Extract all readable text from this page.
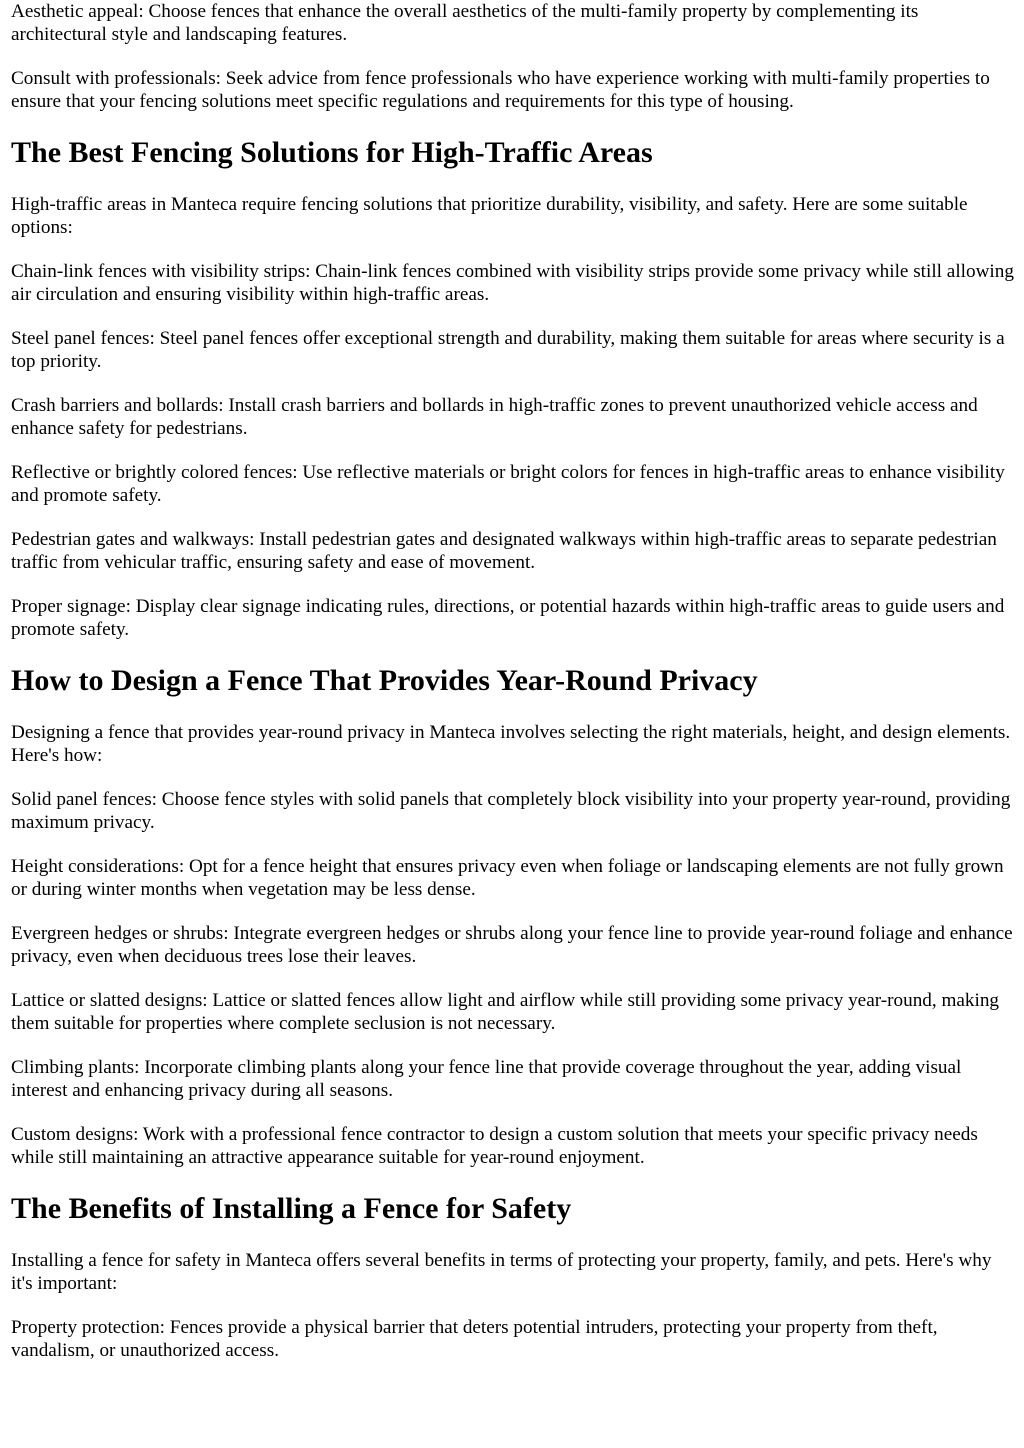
Aesthetic appeal: Choose fences that enhance the overall aesthetics of the multi-family property by complementing its architectural style and landscaping features.

Consult with professionals: Seek advice from fence professionals who have experience working with multi-family properties to ensure that your fencing solutions meet specific regulations and requirements for this type of housing.

The Best Fencing Solutions for High-Traffic Areas

High-traffic areas in Manteca require fencing solutions that prioritize durability, visibility, and safety. Here are some suitable options:

Chain-link fences with visibility strips: Chain-link fences combined with visibility strips provide some privacy while still allowing air circulation and ensuring visibility within high-traffic areas.

Steel panel fences: Steel panel fences offer exceptional strength and durability, making them suitable for areas where security is a top priority.

Crash barriers and bollards: Install crash barriers and bollards in high-traffic zones to prevent unauthorized vehicle access and enhance safety for pedestrians.

Reflective or brightly colored fences: Use reflective materials or bright colors for fences in high-traffic areas to enhance visibility and promote safety.

Pedestrian gates and walkways: Install pedestrian gates and designated walkways within high-traffic areas to separate pedestrian traffic from vehicular traffic, ensuring safety and ease of movement.

Proper signage: Display clear signage indicating rules, directions, or potential hazards within high-traffic areas to guide users and promote safety.

How to Design a Fence That Provides Year-Round Privacy

Designing a fence that provides year-round privacy in Manteca involves selecting the right materials, height, and design elements. Here's how:

Solid panel fences: Choose fence styles with solid panels that completely block visibility into your property year-round, providing maximum privacy.

Height considerations: Opt for a fence height that ensures privacy even when foliage or landscaping elements are not fully grown or during winter months when vegetation may be less dense.

Evergreen hedges or shrubs: Integrate evergreen hedges or shrubs along your fence line to provide year-round foliage and enhance privacy, even when deciduous trees lose their leaves.

Lattice or slatted designs: Lattice or slatted fences allow light and airflow while still providing some privacy year-round, making them suitable for properties where complete seclusion is not necessary.

Climbing plants: Incorporate climbing plants along your fence line that provide coverage throughout the year, adding visual interest and enhancing privacy during all seasons.

Custom designs: Work with a professional fence contractor to design a custom solution that meets your specific privacy needs while still maintaining an attractive appearance suitable for year-round enjoyment.

The Benefits of Installing a Fence for Safety

Installing a fence for safety in Manteca offers several benefits in terms of protecting your property, family, and pets. Here's why it's important:

Property protection: Fences provide a physical barrier that deters potential intruders, protecting your property from theft, vandalism, or unauthorized access.
